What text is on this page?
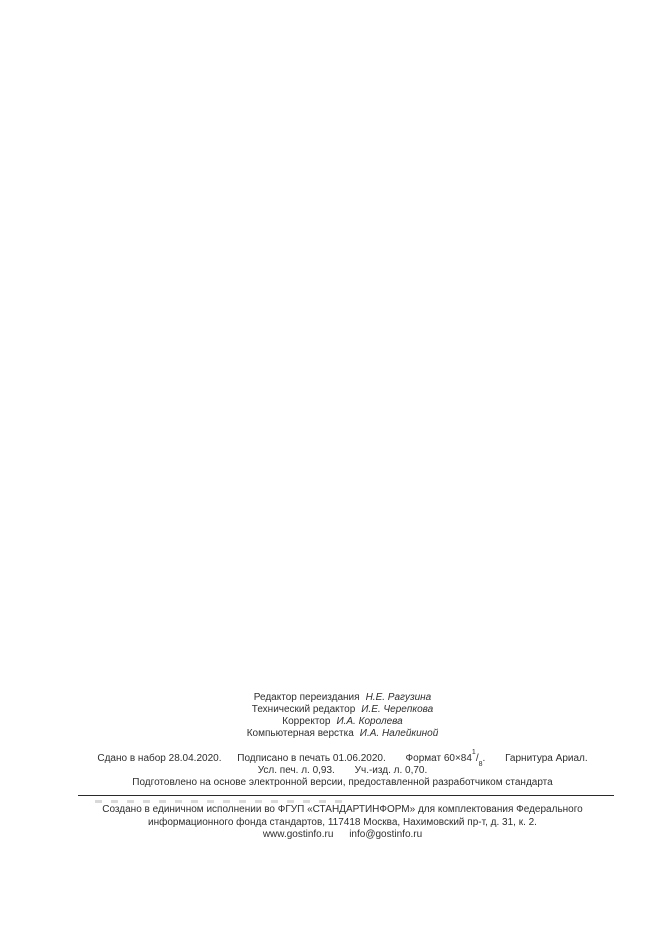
Редактор переиздания Н.Е. Рагузина
Технический редактор И.Е. Черепкова
Корректор И.А. Королева
Компьютерная верстка И.А. Налейкиной
Сдано в набор 28.04.2020. Подписано в печать 01.06.2020. Формат $60\times 84^1/_8$. Гарнитура Ариал.
Усл. печ. л. 0,93. Уч.-изд. л. 0,70.
Подготовлено на основе электронной версии, предоставленной разработчиком стандарта
Создано в единичном исполнении во ФГУП «СТАНДАРТИНФОРМ» для комплектования Федерального
информационного фонда стандартов, 117418 Москва, Нахимовский пр-т, д. 31, к. 2.
www.gostinfo.ru info@gostinfo.ru
